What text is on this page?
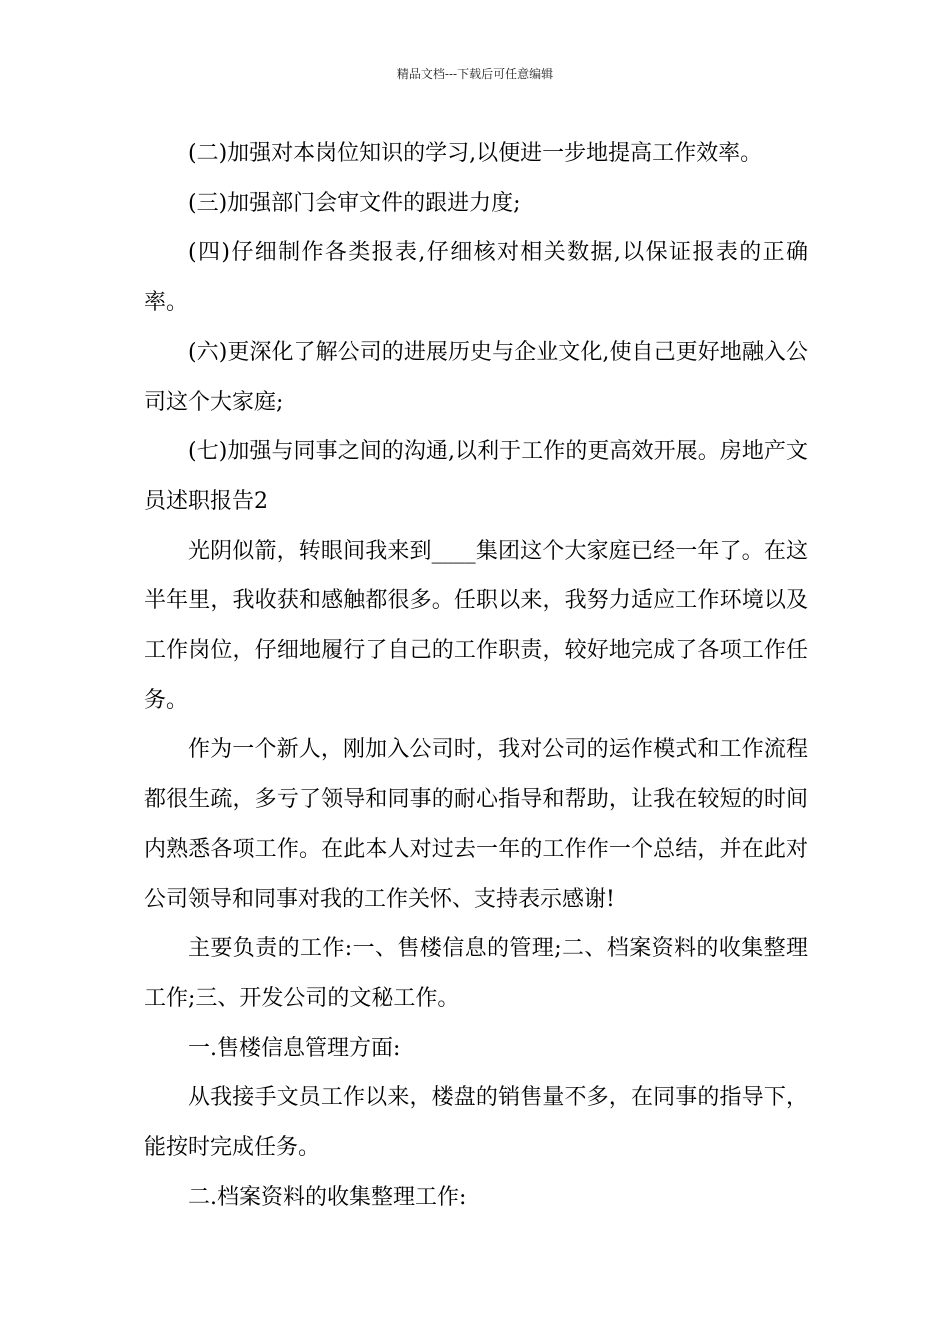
精品文档---下载后可任意编辑

(二)加强对本岗位知识的学习,以便进一步地提高工作效率。

(三)加强部门会审文件的跟进力度;

(四)仔细制作各类报表,仔细核对相关数据,以保证报表的正确率。

(六)更深化了解公司的进展历史与企业文化,使自己更好地融入公司这个大家庭;

(七)加强与同事之间的沟通,以利于工作的更高效开展。房地产文员述职报告2

光阴似箭，转眼间我来到____集团这个大家庭已经一年了。在这半年里，我收获和感触都很多。任职以来，我努力适应工作环境以及工作岗位，仔细地履行了自己的工作职责，较好地完成了各项工作任务。

作为一个新人，刚加入公司时，我对公司的运作模式和工作流程都很生疏，多亏了领导和同事的耐心指导和帮助，让我在较短的时间内熟悉各项工作。在此本人对过去一年的工作作一个总结，并在此对公司领导和同事对我的工作关怀、支持表示感谢!

主要负责的工作:一、售楼信息的管理;二、档案资料的收集整理工作;三、开发公司的文秘工作。

一.售楼信息管理方面:

从我接手文员工作以来，楼盘的销售量不多，在同事的指导下，能按时完成任务。

二.档案资料的收集整理工作:
